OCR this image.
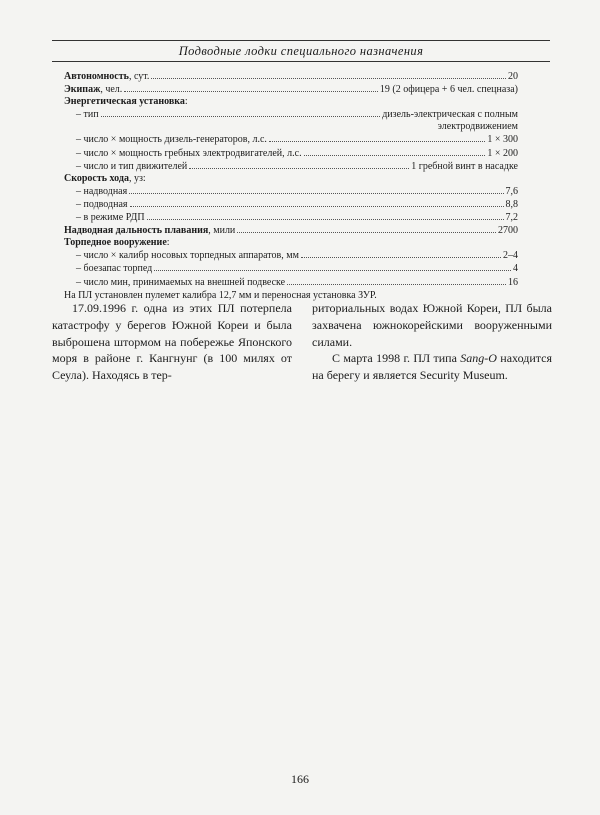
Подводные лодки специального назначения
Автономность, сут.	20
Экипаж, чел.	19 (2 офицера + 6 чел. спецназа)
Энергетическая установка :
– тип	дизель-электрическая с полным
электродвижением
– число × мощность дизель-генераторов, л.с.	1 × 300
– число × мощность гребных электродвигателей, л.с.	1 × 200
– число и тип движителей	1 гребной винт в насадке
Скорость хода , уз:
– надводная	7,6
– подводная	8,8
– в режиме РДП	7,2
Надводная дальность плавания, мили	2700
Торпедное вооружение :
– число × калибр носовых торпедных аппаратов, мм	2–4
– боезапас торпед	4
– число мин, принимаемых на внешней подвеске	16
На ПЛ установлен пулемет калибра 12,7 мм и переносная установка ЗУР.

17.09.1996 г. одна из этих ПЛ потерпела катастрофу у берегов Южной Кореи и была выброшена штормом на побережье Японского моря в районе г. Кангнунг (в 100 милях от Сеула). Находясь в тер-

риториальных водах Южной Кореи, ПЛ была захвачена южнокорейскими вооруженными силами.

С марта 1998 г. ПЛ типа Sang-O находится на берегу и является Security Museum.

166
